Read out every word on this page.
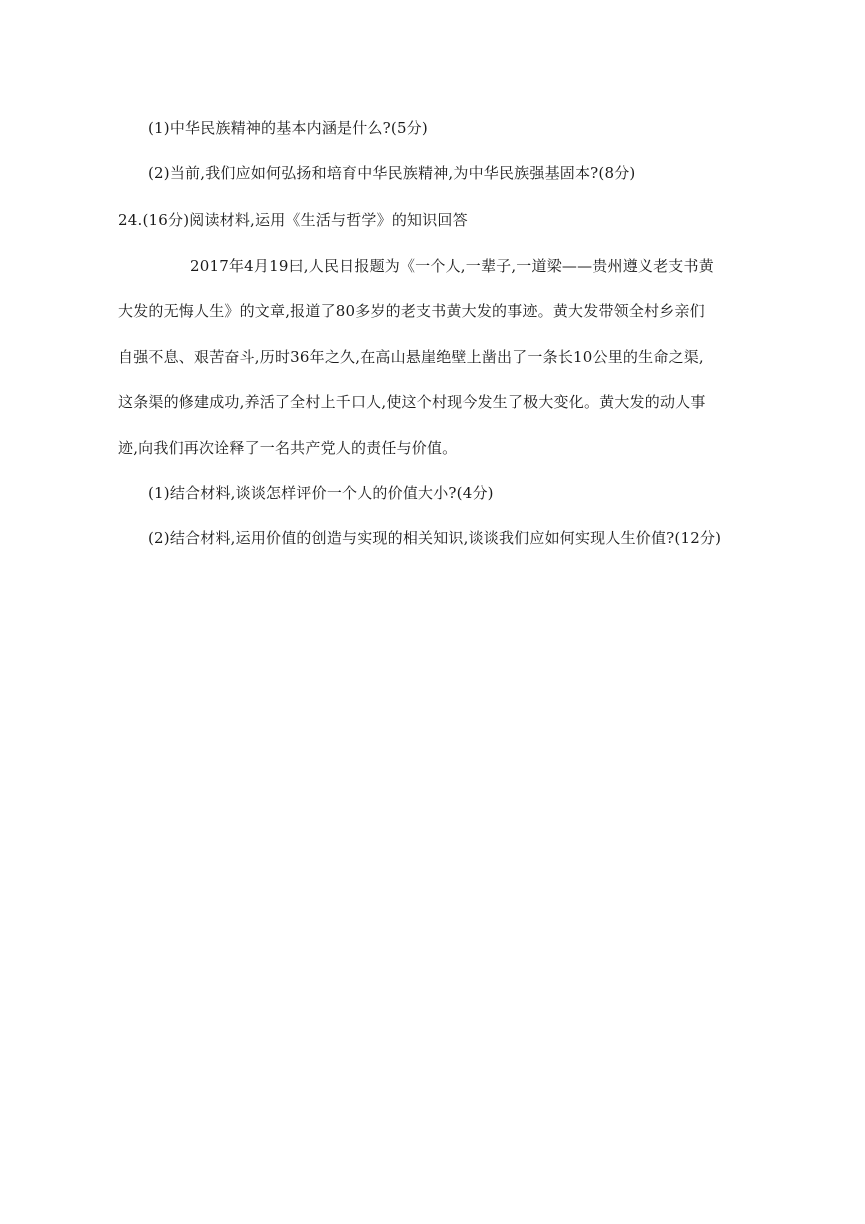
(1)中华民族精神的基本内涵是什么?(5分)
(2)当前,我们应如何弘扬和培育中华民族精神,为中华民族强基固本?(8分)
24.(16分)阅读材料,运用《生活与哲学》的知识回答
2017年4月19曰,人民日报题为《一个人,一辈子,一道梁——贵州遵义老支书黄
大发的无悔人生》的文章,报道了80多岁的老支书黄大发的事迹。黄大发带领全村乡亲们
自强不息、艰苦奋斗,历时36年之久,在高山悬崖绝壁上凿出了一条长10公里的生命之渠,
这条渠的修建成功,养活了全村上千口人,使这个村现今发生了极大变化。黄大发的动人事
迹,向我们再次诠释了一名共产党人的责任与价值。
(1)结合材料,谈谈怎样评价一个人的价值大小?(4分)
(2)结合材料,运用价值的创造与实现的相关知识,谈谈我们应如何实现人生价值?(12分)
